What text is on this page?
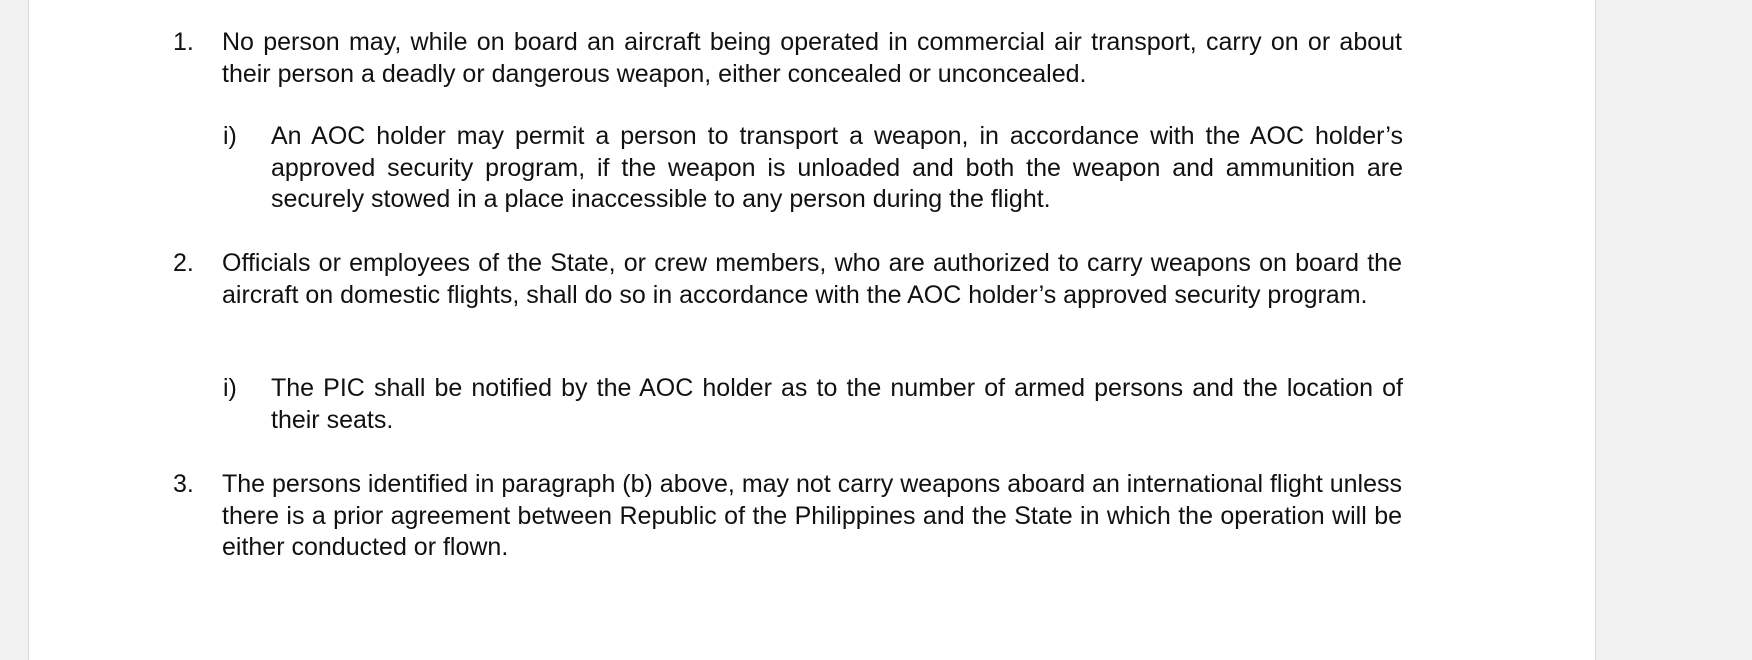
1. No person may, while on board an aircraft being operated in commercial air transport, carry on or about their person a deadly or dangerous weapon, either concealed or unconcealed.
i) An AOC holder may permit a person to transport a weapon, in accordance with the AOC holder’s approved security program, if the weapon is unloaded and both the weapon and ammunition are securely stowed in a place inaccessible to any person during the flight.
2. Officials or employees of the State, or crew members, who are authorized to carry weapons on board the aircraft on domestic flights, shall do so in accordance with the AOC holder’s approved security program.
i) The PIC shall be notified by the AOC holder as to the number of armed persons and the location of their seats.
3. The persons identified in paragraph (b) above, may not carry weapons aboard an international flight unless there is a prior agreement between Republic of the Philippines and the State in which the operation will be either conducted or flown.
